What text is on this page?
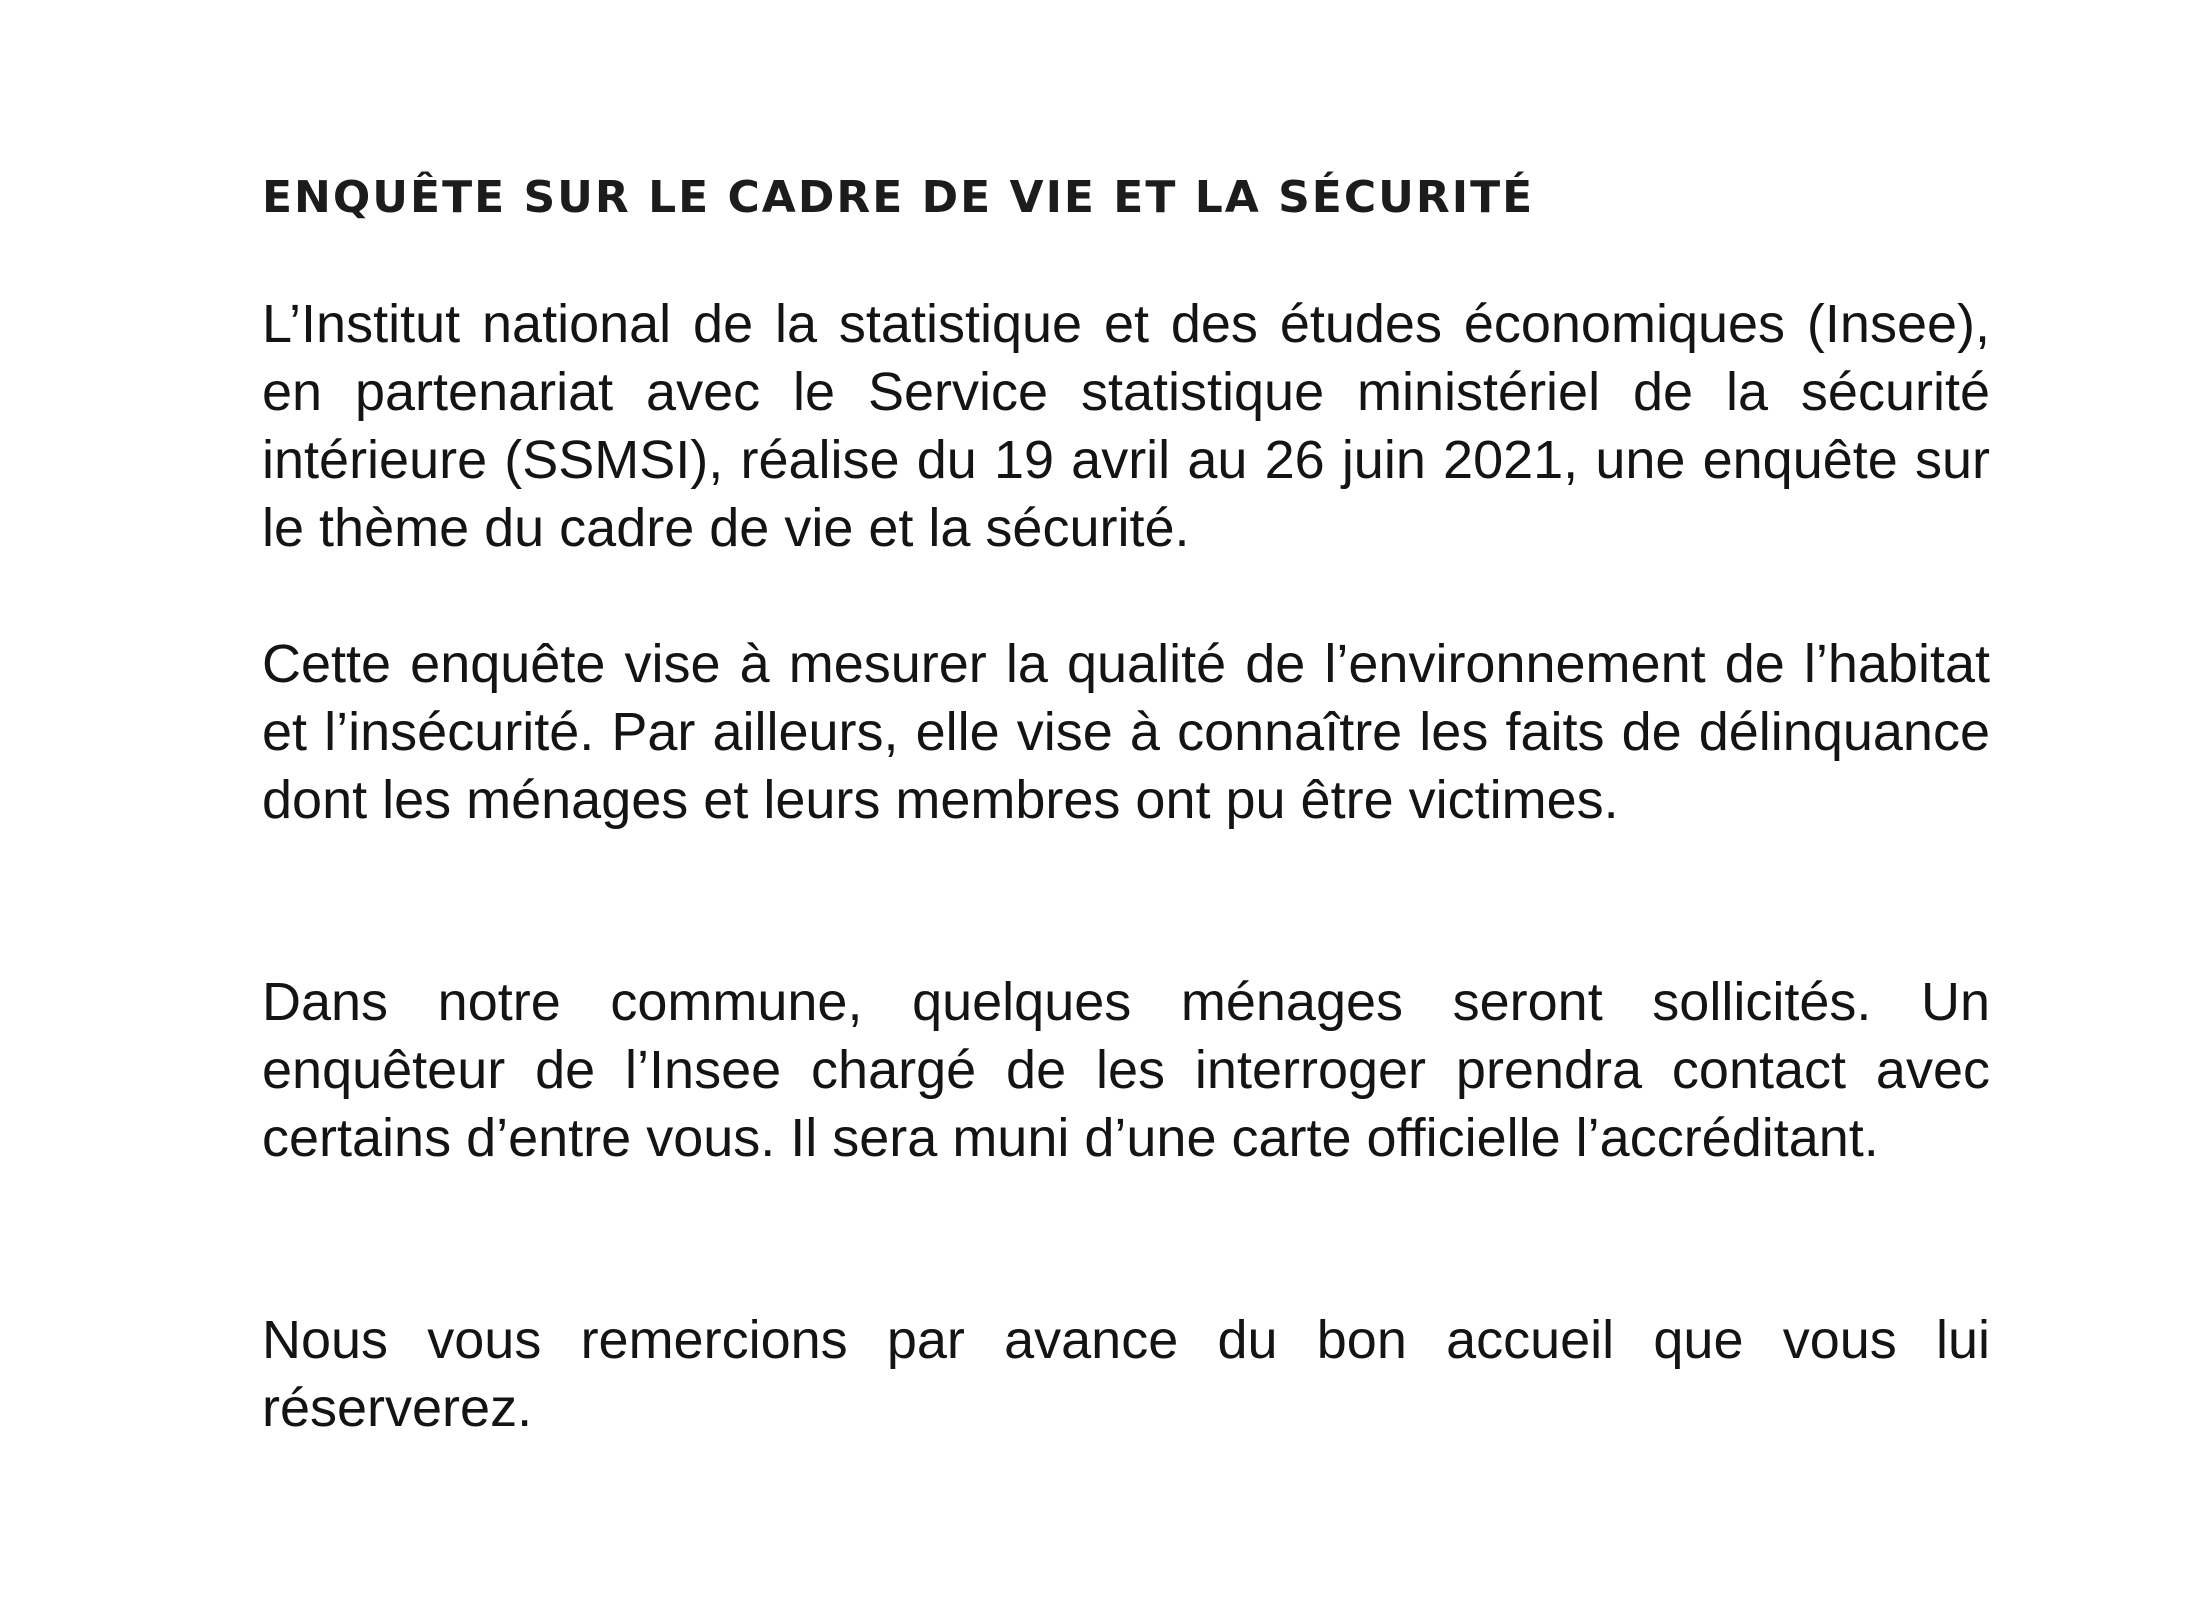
ENQUÊTE SUR LE CADRE DE VIE ET LA SÉCURITÉ

L’Institut national de la statistique et des études économiques (Insee), en partenariat avec le Service statistique ministériel de la sécurité intérieure (SSMSI), réalise du 19 avril au 26 juin 2021, une enquête sur le thème du cadre de vie et la sécurité.

Cette enquête vise à mesurer la qualité de l’environnement de l’habitat et l’insécurité. Par ailleurs, elle vise à connaître les faits de délinquance dont les ménages et leurs membres ont pu être victimes.

Dans notre commune, quelques ménages seront sollicités. Un enquêteur de l’Insee chargé de les interroger prendra contact avec certains d’entre vous. Il sera muni d’une carte officielle l’accréditant.

Nous vous remercions par avance du bon accueil que vous lui réserverez.
